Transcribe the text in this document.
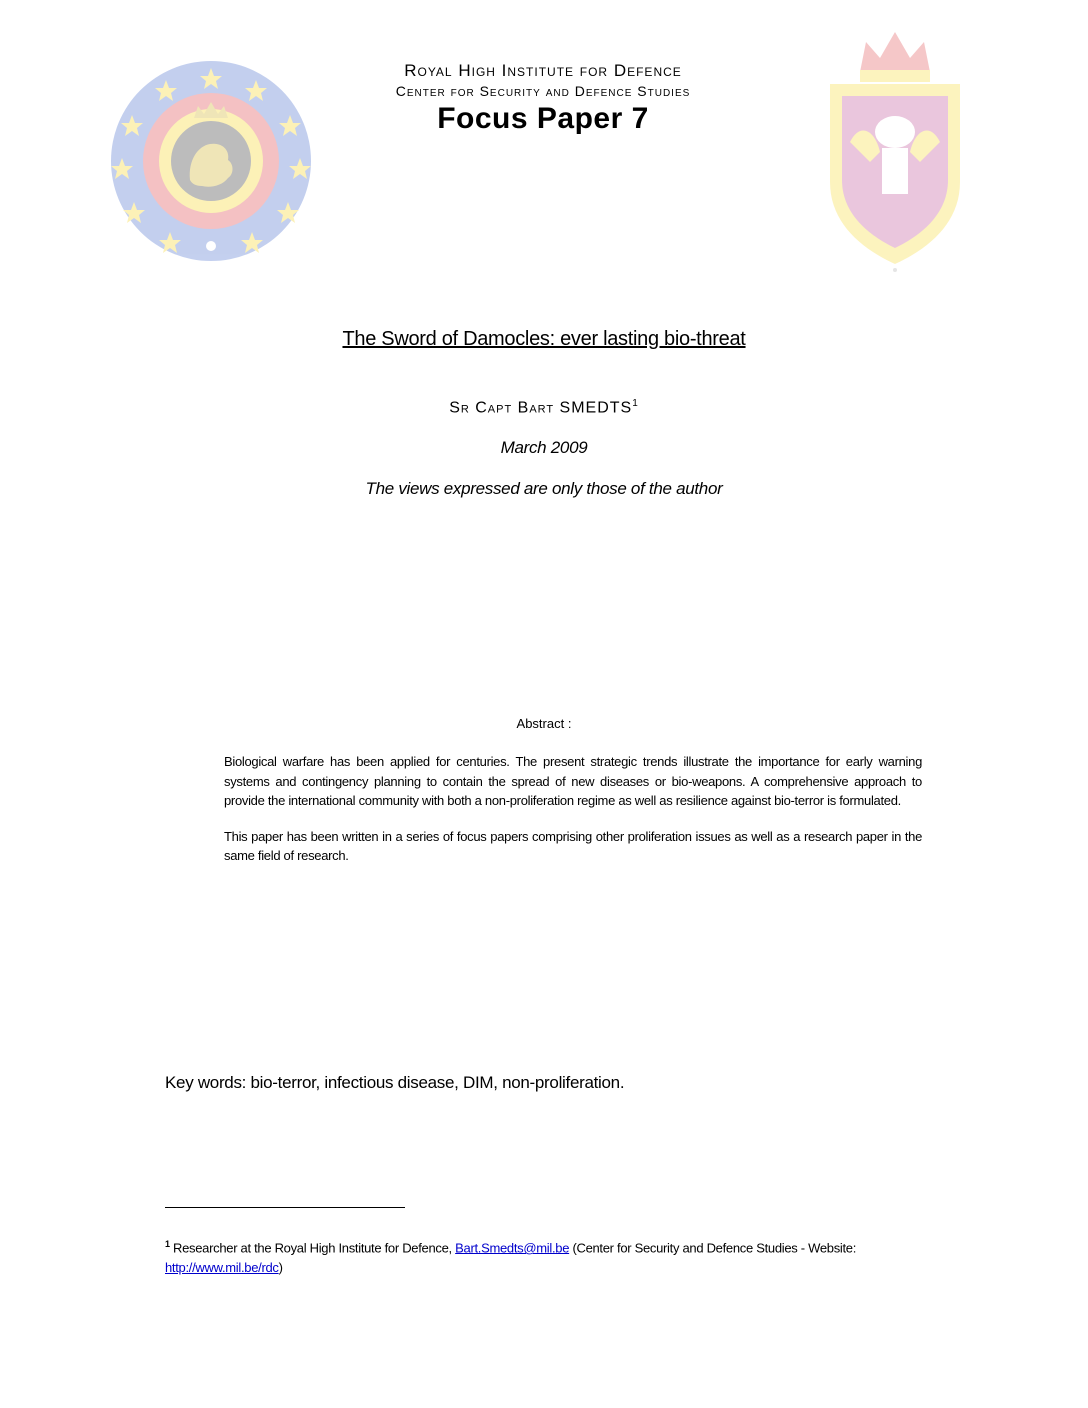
Royal High Institute for Defence
Center for Security and Defence Studies
Focus Paper 7
The Sword of Damocles: ever lasting bio-threat
Sr Capt Bart SMEDTS$^1$
March 2009
The views expressed are only those of the author
Abstract :

Biological warfare has been applied for centuries. The present strategic trends illustrate the importance for early warning systems and contingency planning to contain the spread of new diseases or bio-weapons. A comprehensive approach to provide the international community with both a non-proliferation regime as well as resilience against bio-terror is formulated.

This paper has been written in a series of focus papers comprising other proliferation issues as well as a research paper in the same field of research.

Key words: bio-terror, infectious disease, DIM, non-proliferation.
$^1$ Researcher at the Royal High Institute for Defence, Bart.Smedts@mil.be (Center for Security and Defence Studies - Website: http://www.mil.be/rdc)
